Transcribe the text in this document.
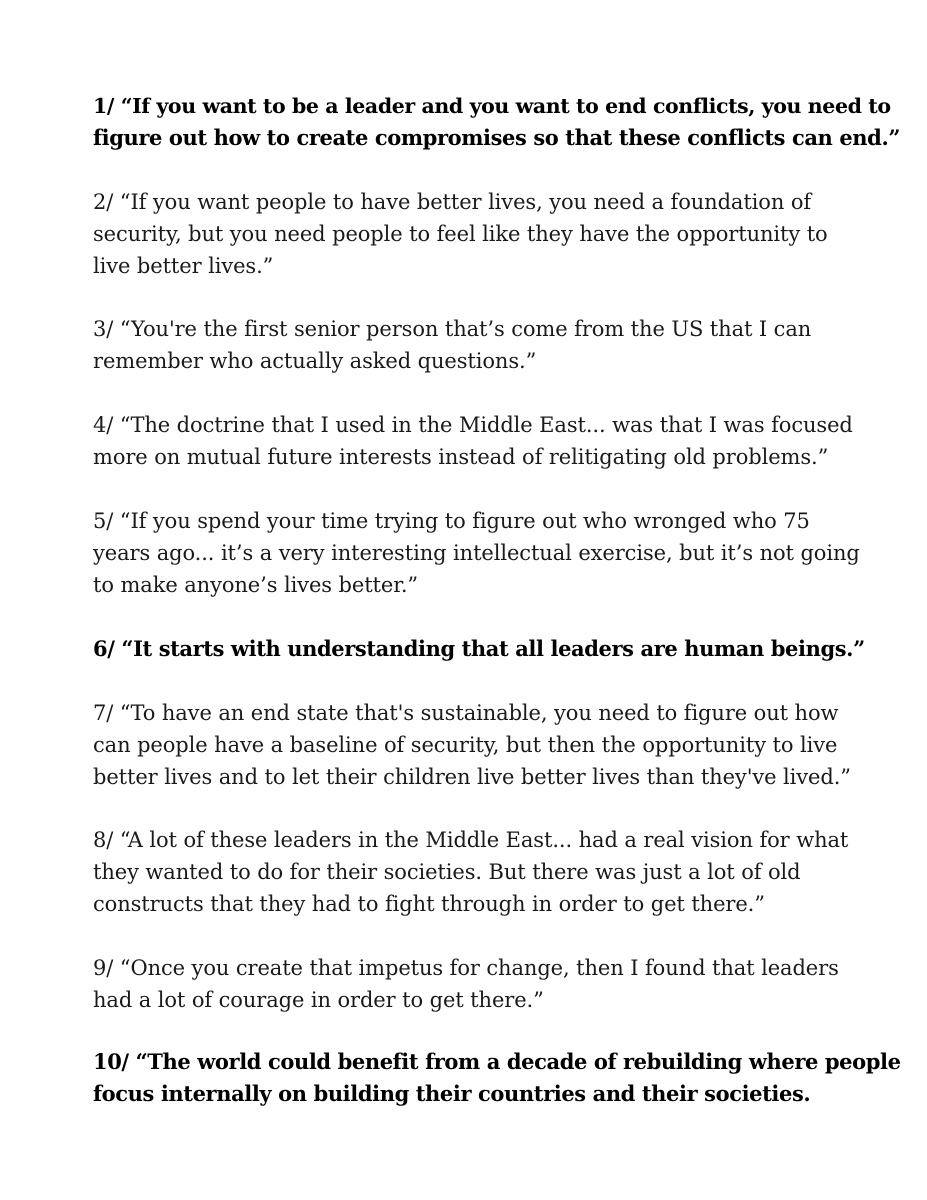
1/ “If you want to be a leader and you want to end conflicts, you need to
figure out how to create compromises so that these conflicts can end.”

2/ “If you want people to have better lives, you need a foundation of
security, but you need people to feel like they have the opportunity to
live better lives.”

3/ “You're the first senior person that’s come from the US that I can
remember who actually asked questions.”

4/ “The doctrine that I used in the Middle East... was that I was focused
more on mutual future interests instead of relitigating old problems.”

5/ “If you spend your time trying to figure out who wronged who 75
years ago... it’s a very interesting intellectual exercise, but it’s not going
to make anyone’s lives better.”

6/ “It starts with understanding that all leaders are human beings.”

7/ “To have an end state that's sustainable, you need to figure out how
can people have a baseline of security, but then the opportunity to live
better lives and to let their children live better lives than they've lived.”

8/ “A lot of these leaders in the Middle East... had a real vision for what
they wanted to do for their societies. But there was just a lot of old
constructs that they had to fight through in order to get there.”

9/ “Once you create that impetus for change, then I found that leaders
had a lot of courage in order to get there.”

10/ “The world could benefit from a decade of rebuilding where people
focus internally on building their countries and their societies.
